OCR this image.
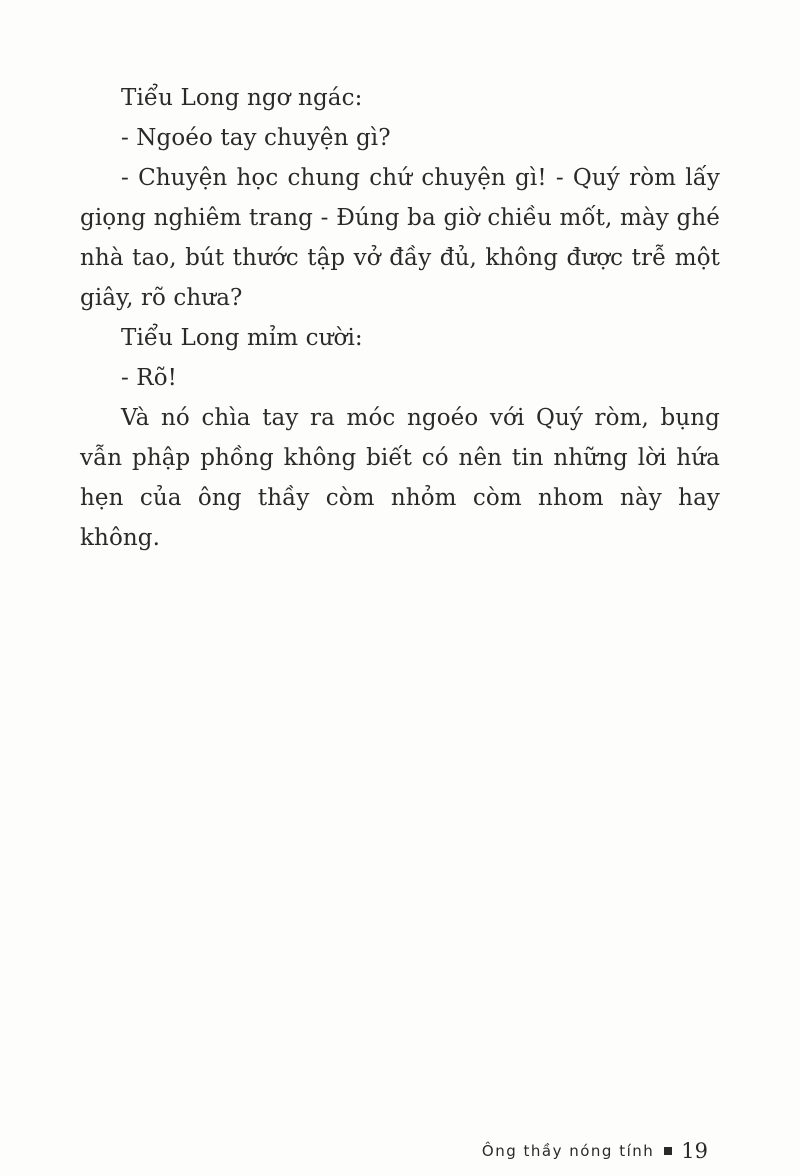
Tiểu Long ngơ ngác:

- Ngoéo tay chuyện gì?

- Chuyện học chung chứ chuyện gì! - Quý ròm lấy giọng nghiêm trang - Đúng ba giờ chiều mốt, mày ghé nhà tao, bút thước tập vở đầy đủ, không được trễ một giây, rõ chưa?

Tiểu Long mỉm cười:

- Rõ!

Và nó chìa tay ra móc ngoéo với Quý ròm, bụng vẫn phập phồng không biết có nên tin những lời hứa hẹn của ông thầy còm nhỏm còm nhom này hay không.

Ông thầy nóng tính 19
